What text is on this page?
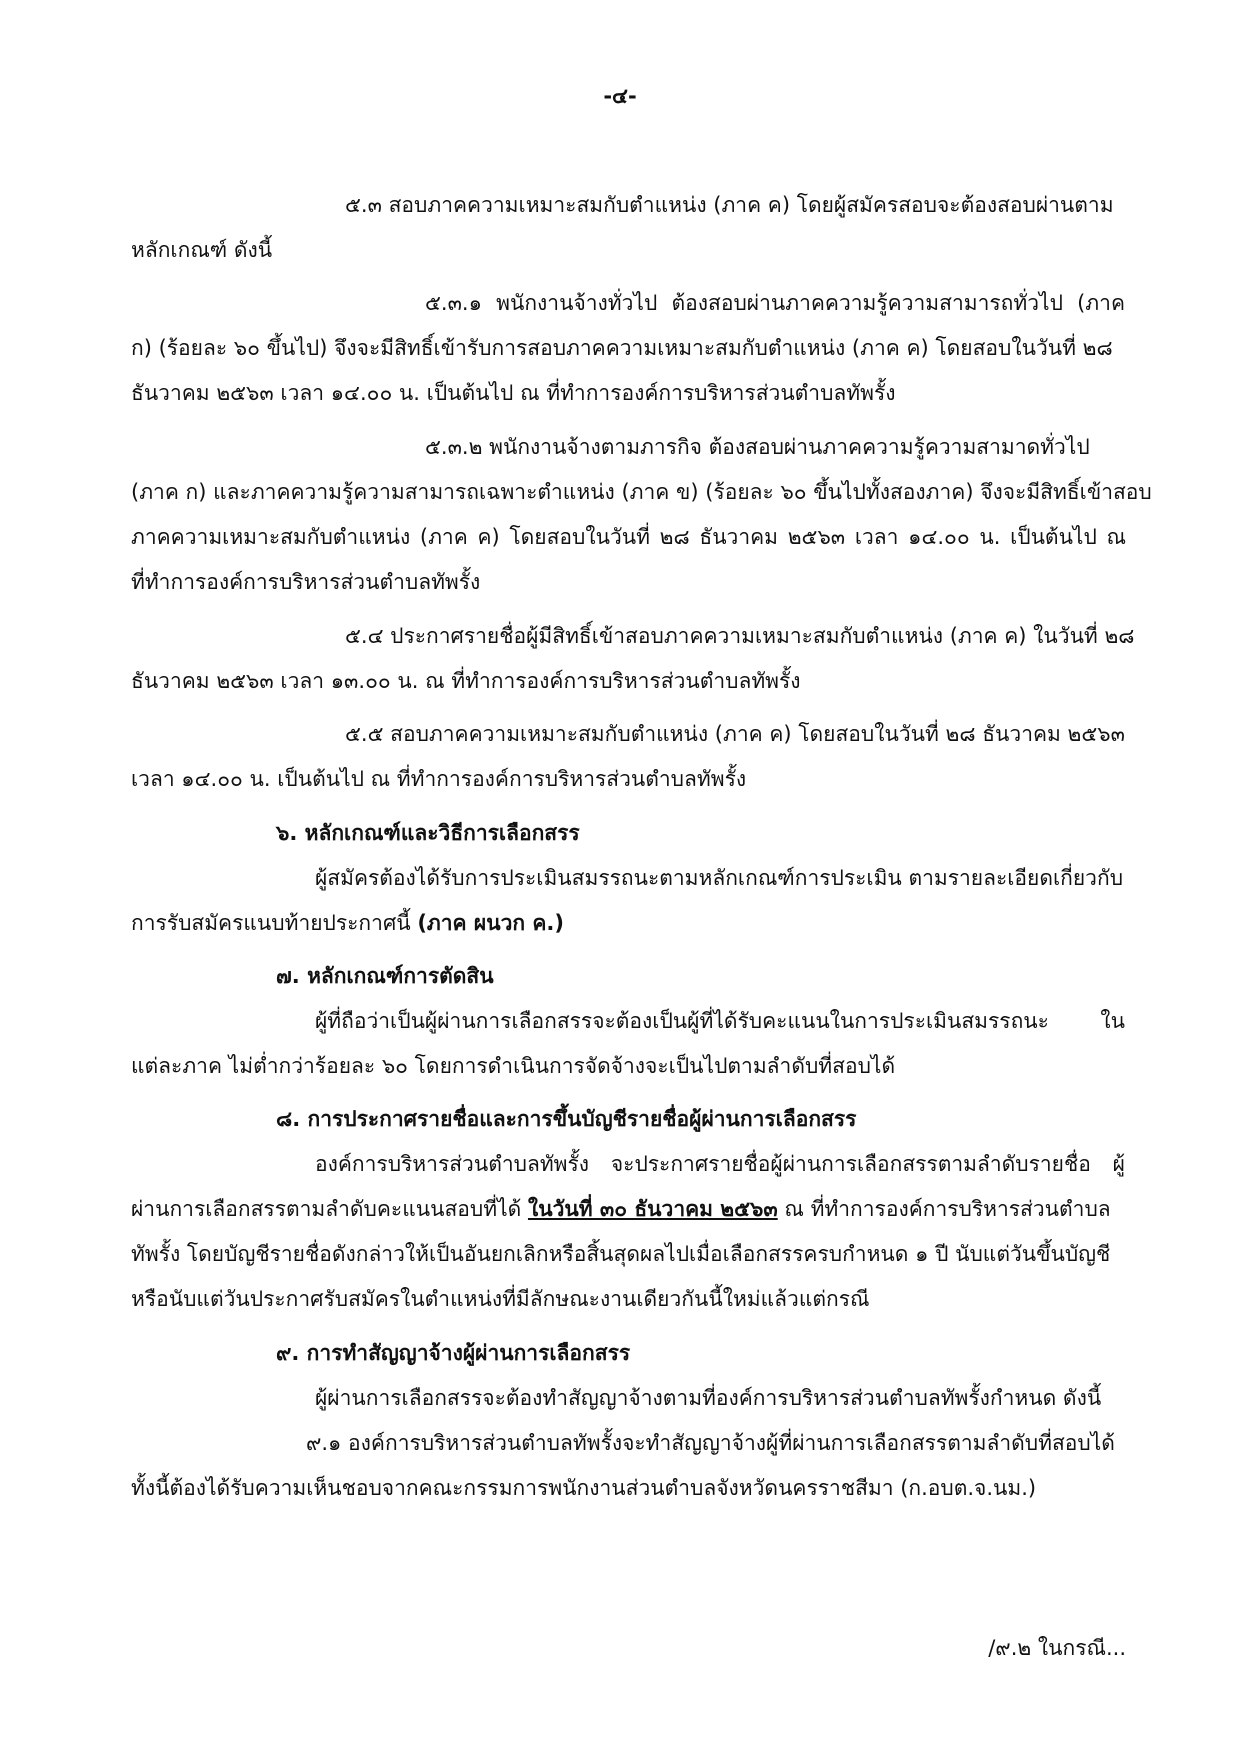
-๔-
๕.๓ สอบภาคความเหมาะสมกับตำแหน่ง (ภาค ค) โดยผู้สมัครสอบจะต้องสอบผ่านตาม
หลักเกณฑ์ ดังนี้
๕.๓.๑ พนักงานจ้างทั่วไป ต้องสอบผ่านภาคความรู้ความสามารถทั่วไป (ภาค
ก) (ร้อยละ ๖๐ ขึ้นไป) จึงจะมีสิทธิ์เข้ารับการสอบภาคความเหมาะสมกับตำแหน่ง (ภาค ค) โดยสอบในวันที่ ๒๘
ธันวาคม ๒๕๖๓ เวลา ๑๔.๐๐ น. เป็นต้นไป ณ ที่ทำการองค์การบริหารส่วนตำบลทัพรั้ง
๕.๓.๒ พนักงานจ้างตามภารกิจ ต้องสอบผ่านภาคความรู้ความสามาดทั่วไป
(ภาค ก) และภาคความรู้ความสามารถเฉพาะตำแหน่ง (ภาค ข) (ร้อยละ ๖๐ ขึ้นไปทั้งสองภาค) จึงจะมีสิทธิ์เข้าสอบ
ภาคความเหมาะสมกับตำแหน่ง (ภาค ค) โดยสอบในวันที่ ๒๘ ธันวาคม ๒๕๖๓ เวลา ๑๔.๐๐ น. เป็นต้นไป ณ
ที่ทำการองค์การบริหารส่วนตำบลทัพรั้ง
๕.๔ ประกาศรายชื่อผู้มีสิทธิ์เข้าสอบภาคความเหมาะสมกับตำแหน่ง (ภาค ค) ในวันที่ ๒๘
ธันวาคม ๒๕๖๓ เวลา ๑๓.๐๐ น. ณ ที่ทำการองค์การบริหารส่วนตำบลทัพรั้ง
๕.๕ สอบภาคความเหมาะสมกับตำแหน่ง (ภาค ค) โดยสอบในวันที่ ๒๘ ธันวาคม ๒๕๖๓
เวลา ๑๔.๐๐ น. เป็นต้นไป ณ ที่ทำการองค์การบริหารส่วนตำบลทัพรั้ง
๖. หลักเกณฑ์และวิธีการเลือกสรร
ผู้สมัครต้องได้รับการประเมินสมรรถนะตามหลักเกณฑ์การประเมิน ตามรายละเอียดเกี่ยวกับ
การรับสมัครแนบท้ายประกาศนี้ (ภาค ผนวก ค.)
๗. หลักเกณฑ์การตัดสิน
ผู้ที่ถือว่าเป็นผู้ผ่านการเลือกสรรจะต้องเป็นผู้ที่ได้รับคะแนนในการประเมินสมรรถนะ ใน
แต่ละภาค ไม่ต่ำกว่าร้อยละ ๖๐ โดยการดำเนินการจัดจ้างจะเป็นไปตามลำดับที่สอบได้
๘. การประกาศรายชื่อและการขึ้นบัญชีรายชื่อผู้ผ่านการเลือกสรร
องค์การบริหารส่วนตำบลทัพรั้ง จะประกาศรายชื่อผู้ผ่านการเลือกสรรตามลำดับรายชื่อ ผู้
ผ่านการเลือกสรรตามลำดับคะแนนสอบที่ได้ ในวันที่ ๓๐ ธันวาคม ๒๕๖๓ ณ ที่ทำการองค์การบริหารส่วนตำบล
ทัพรั้ง โดยบัญชีรายชื่อดังกล่าวให้เป็นอันยกเลิกหรือสิ้นสุดผลไปเมื่อเลือกสรรครบกำหนด ๑ ปี นับแต่วันขึ้นบัญชี
หรือนับแต่วันประกาศรับสมัครในตำแหน่งที่มีลักษณะงานเดียวกันนี้ใหม่แล้วแต่กรณี
๙. การทำสัญญาจ้างผู้ผ่านการเลือกสรร
ผู้ผ่านการเลือกสรรจะต้องทำสัญญาจ้างตามที่องค์การบริหารส่วนตำบลทัพรั้งกำหนด ดังนี้
๙.๑ องค์การบริหารส่วนตำบลทัพรั้งจะทำสัญญาจ้างผู้ที่ผ่านการเลือกสรรตามลำดับที่สอบได้
ทั้งนี้ต้องได้รับความเห็นชอบจากคณะกรรมการพนักงานส่วนตำบลจังหวัดนครราชสีมา (ก.อบต.จ.นม.)
/๙.๒ ในกรณี...
